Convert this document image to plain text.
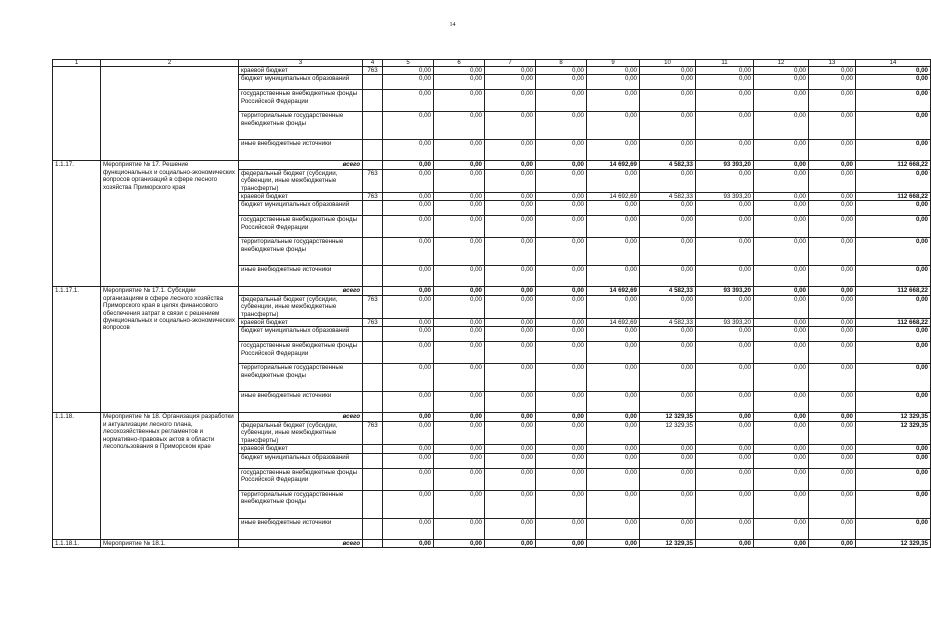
14
1	2	3	4	5	6	7	8	9	10	11	12	13	14
		краевой бюджет	763	0,00	0,00	0,00	0,00	0,00	0,00	0,00	0,00	0,00	0,00
		бюджет муниципальных образований		0,00	0,00	0,00	0,00	0,00	0,00	0,00	0,00	0,00	0,00
		государственные внебюджетные фонды Российской Федерации		0,00	0,00	0,00	0,00	0,00	0,00	0,00	0,00	0,00	0,00
		территориальные государственные внебюджетные фонды		0,00	0,00	0,00	0,00	0,00	0,00	0,00	0,00	0,00	0,00
		иные внебюджетные источники		0,00	0,00	0,00	0,00	0,00	0,00	0,00	0,00	0,00	0,00
1.1.17.	Мероприятие № 17. Решение функциональных и социально-экономических вопросов организаций в сфере лесного хозяйства Приморского края	всего		0,00	0,00	0,00	0,00	14 692,69	4 582,33	93 393,20	0,00	0,00	112 668,22
		федеральный бюджет (субсидии, субвенции, иные межбюджетные трансферты)	763	0,00	0,00	0,00	0,00	0,00	0,00	0,00	0,00	0,00	0,00
		краевой бюджет	763	0,00	0,00	0,00	0,00	14 692,69	4 582,33	93 393,20	0,00	0,00	112 668,22
		бюджет муниципальных образований		0,00	0,00	0,00	0,00	0,00	0,00	0,00	0,00	0,00	0,00
		государственные внебюджетные фонды Российской Федерации		0,00	0,00	0,00	0,00	0,00	0,00	0,00	0,00	0,00	0,00
		территориальные государственные внебюджетные фонды		0,00	0,00	0,00	0,00	0,00	0,00	0,00	0,00	0,00	0,00
		иные внебюджетные источники		0,00	0,00	0,00	0,00	0,00	0,00	0,00	0,00	0,00	0,00
1.1.17.1.	Мероприятие № 17.1. Субсидии организациям в сфере лесного хозяйства Приморского края в целях финансового обеспечения затрат в связи с решением функциональных и социально-экономических вопросов	всего		0,00	0,00	0,00	0,00	14 692,69	4 582,33	93 393,20	0,00	0,00	112 668,22
		федеральный бюджет (субсидии, субвенции, иные межбюджетные трансферты)	763	0,00	0,00	0,00	0,00	0,00	0,00	0,00	0,00	0,00	0,00
		краевой бюджет	763	0,00	0,00	0,00	0,00	14 692,69	4 582,33	93 393,20	0,00	0,00	112 668,22
		бюджет муниципальных образований		0,00	0,00	0,00	0,00	0,00	0,00	0,00	0,00	0,00	0,00
		государственные внебюджетные фонды Российской Федерации		0,00	0,00	0,00	0,00	0,00	0,00	0,00	0,00	0,00	0,00
		территориальные государственные внебюджетные фонды		0,00	0,00	0,00	0,00	0,00	0,00	0,00	0,00	0,00	0,00
		иные внебюджетные источники		0,00	0,00	0,00	0,00	0,00	0,00	0,00	0,00	0,00	0,00
1.1.18.	Мероприятие № 18. Организация разработки и актуализации лесного плана, лесохозяйственных регламентов и нормативно-правовых актов в области лесопользования в Приморском крае	всего		0,00	0,00	0,00	0,00	0,00	12 329,35	0,00	0,00	0,00	12 329,35
		федеральный бюджет (субсидии, субвенции, иные межбюджетные трансферты)	763	0,00	0,00	0,00	0,00	0,00	12 329,35	0,00	0,00	0,00	12 329,35
		краевой бюджет		0,00	0,00	0,00	0,00	0,00	0,00	0,00	0,00	0,00	0,00
		бюджет муниципальных образований		0,00	0,00	0,00	0,00	0,00	0,00	0,00	0,00	0,00	0,00
		государственные внебюджетные фонды Российской Федерации		0,00	0,00	0,00	0,00	0,00	0,00	0,00	0,00	0,00	0,00
		территориальные государственные внебюджетные фонды		0,00	0,00	0,00	0,00	0,00	0,00	0,00	0,00	0,00	0,00
		иные внебюджетные источники		0,00	0,00	0,00	0,00	0,00	0,00	0,00	0,00	0,00	0,00
1.1.18.1.	Мероприятие № 18.1.	всего		0,00	0,00	0,00	0,00	0,00	12 329,35	0,00	0,00	0,00	12 329,35
